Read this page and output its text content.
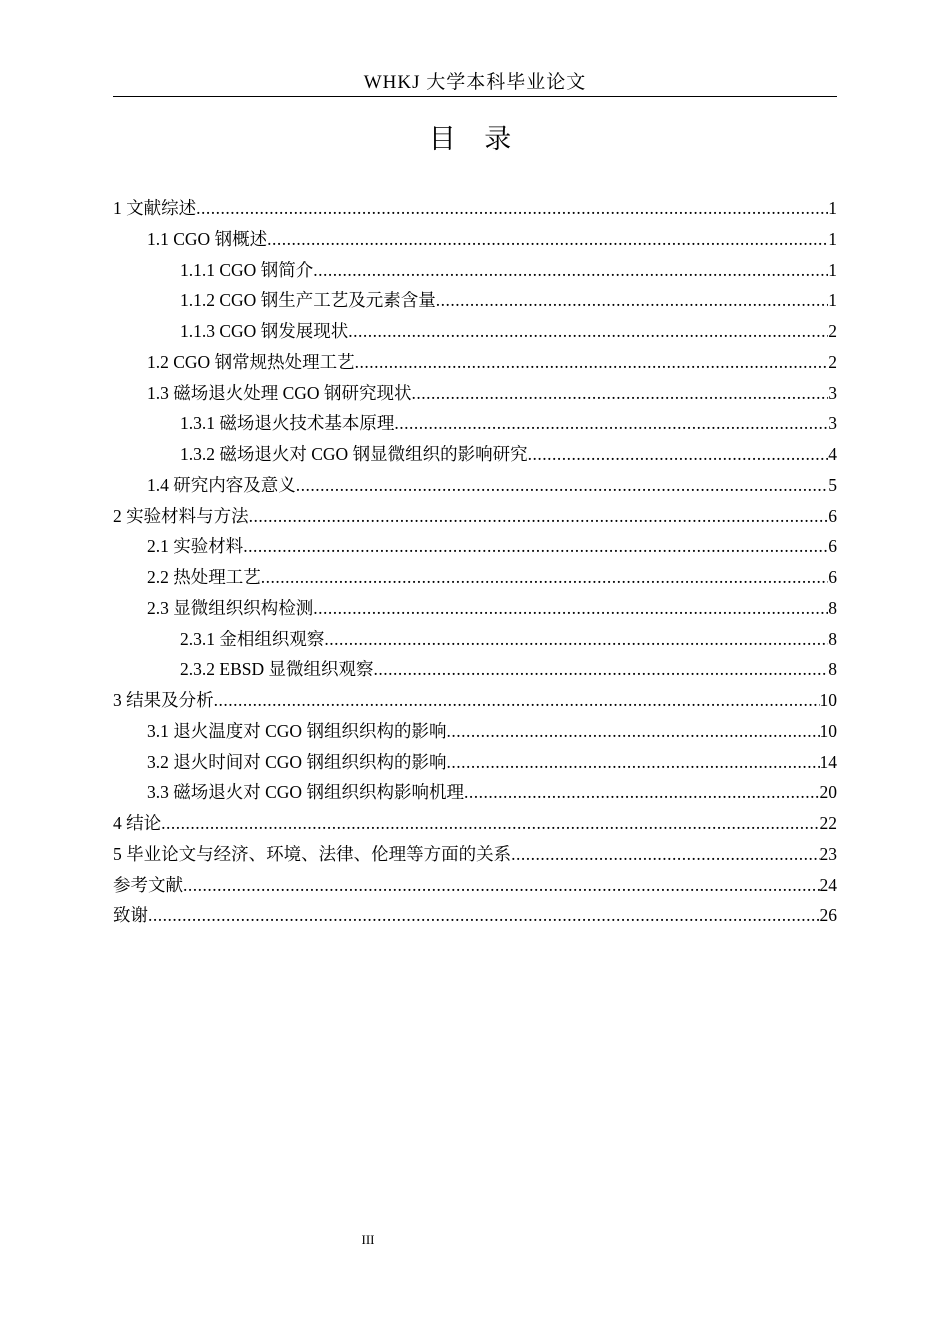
WHKJ 大学本科毕业论文
目 录
1 文献综述 .....	1
1.1 CGO 钢概述 .....	1
1.1.1 CGO 钢简介 .....	1
1.1.2 CGO 钢生产工艺及元素含量 .....	1
1.1.3 CGO 钢发展现状 .....	2
1.2 CGO 钢常规热处理工艺 .....	2
1.3 磁场退火处理 CGO 钢研究现状 .....	3
1.3.1 磁场退火技术基本原理 .....	3
1.3.2 磁场退火对 CGO 钢显微组织的影响研究 .....	4
1.4 研究内容及意义 .....	5
2 实验材料与方法 .....	6
2.1 实验材料 .....	6
2.2 热处理工艺 .....	6
2.3 显微组织织构检测 .....	8
2.3.1 金相组织观察 .....	8
2.3.2 EBSD 显微组织观察 .....	8
3 结果及分析 .....	10
3.1 退火温度对 CGO 钢组织织构的影响 .....	10
3.2 退火时间对 CGO 钢组织织构的影响 .....	14
3.3 磁场退火对 CGO 钢组织织构影响机理 .....	20
4 结论 .....	22
5 毕业论文与经济、环境、法律、伦理等方面的关系 .....	23
参考文献 .....	24
致谢 .....	26
III
